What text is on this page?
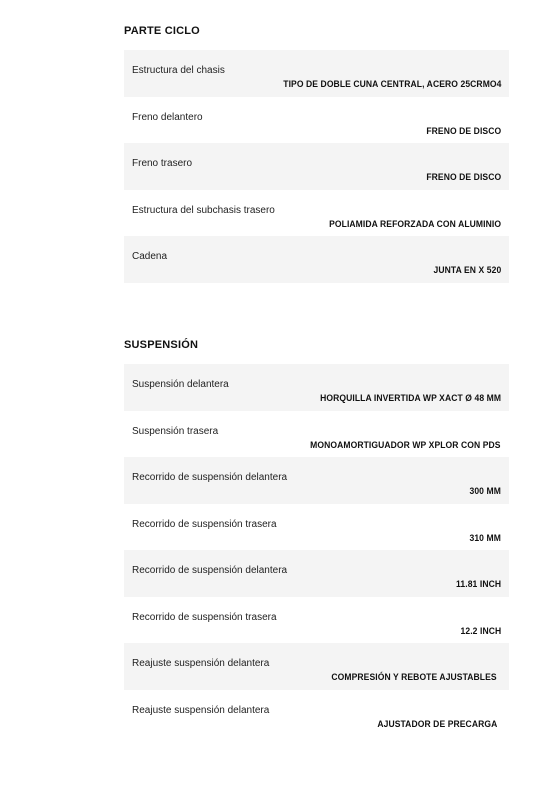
PARTE CICLO
Estructura del chasis
TIPO DE DOBLE CUNA CENTRAL, ACERO 25CRMO4
Freno delantero
FRENO DE DISCO
Freno trasero
FRENO DE DISCO
Estructura del subchasis trasero
POLIAMIDA REFORZADA CON ALUMINIO
Cadena
JUNTA EN X 520
SUSPENSIÓN
Suspensión delantera
HORQUILLA INVERTIDA WP XACT Ø 48 MM
Suspensión trasera
MONOAMORTIGUADOR WP XPLOR CON PDS
Recorrido de suspensión delantera
300 MM
Recorrido de suspensión trasera
310 MM
Recorrido de suspensión delantera
11.81 INCH
Recorrido de suspensión trasera
12.2 INCH
Reajuste suspensión delantera
COMPRESIÓN Y REBOTE AJUSTABLES
Reajuste suspensión delantera
AJUSTADOR DE PRECARGA
